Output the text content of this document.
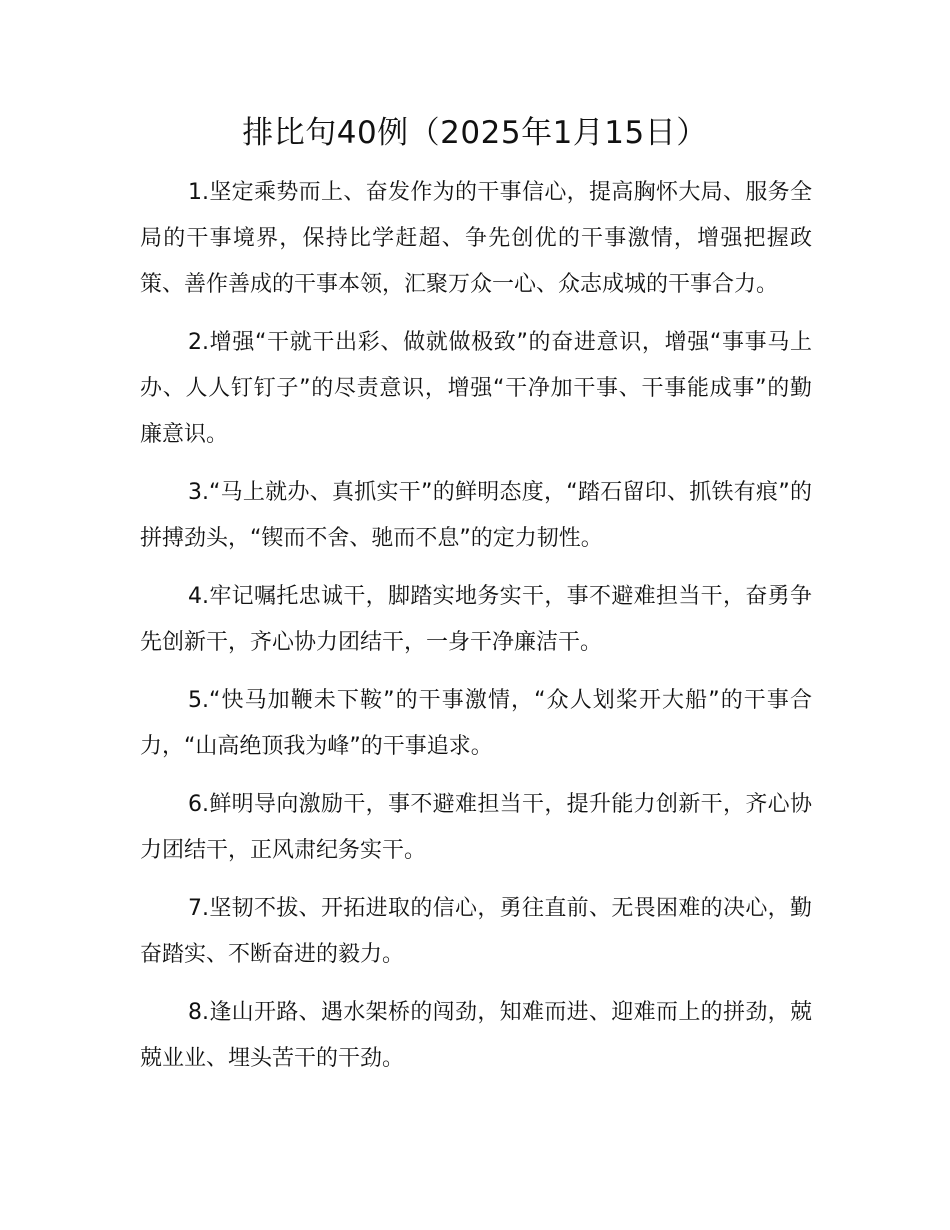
排比句40例（2025年1月15日）

1.坚定乘势而上、奋发作为的干事信心，提高胸怀大局、服务全局的干事境界，保持比学赶超、争先创优的干事激情，增强把握政策、善作善成的干事本领，汇聚万众一心、众志成城的干事合力。

2.增强“干就干出彩、做就做极致”的奋进意识，增强“事事马上办、人人钉钉子”的尽责意识，增强“干净加干事、干事能成事”的勤廉意识。

3.“马上就办、真抓实干”的鲜明态度，“踏石留印、抓铁有痕”的拼搏劲头，“锲而不舍、驰而不息”的定力韧性。

4.牢记嘱托忠诚干，脚踏实地务实干，事不避难担当干，奋勇争先创新干，齐心协力团结干，一身干净廉洁干。

5.“快马加鞭未下鞍”的干事激情，“众人划桨开大船”的干事合力，“山高绝顶我为峰”的干事追求。

6.鲜明导向激励干，事不避难担当干，提升能力创新干，齐心协力团结干，正风肃纪务实干。

7.坚韧不拔、开拓进取的信心，勇往直前、无畏困难的决心，勤奋踏实、不断奋进的毅力。

8.逢山开路、遇水架桥的闯劲，知难而进、迎难而上的拼劲，兢兢业业、埋头苦干的干劲。
